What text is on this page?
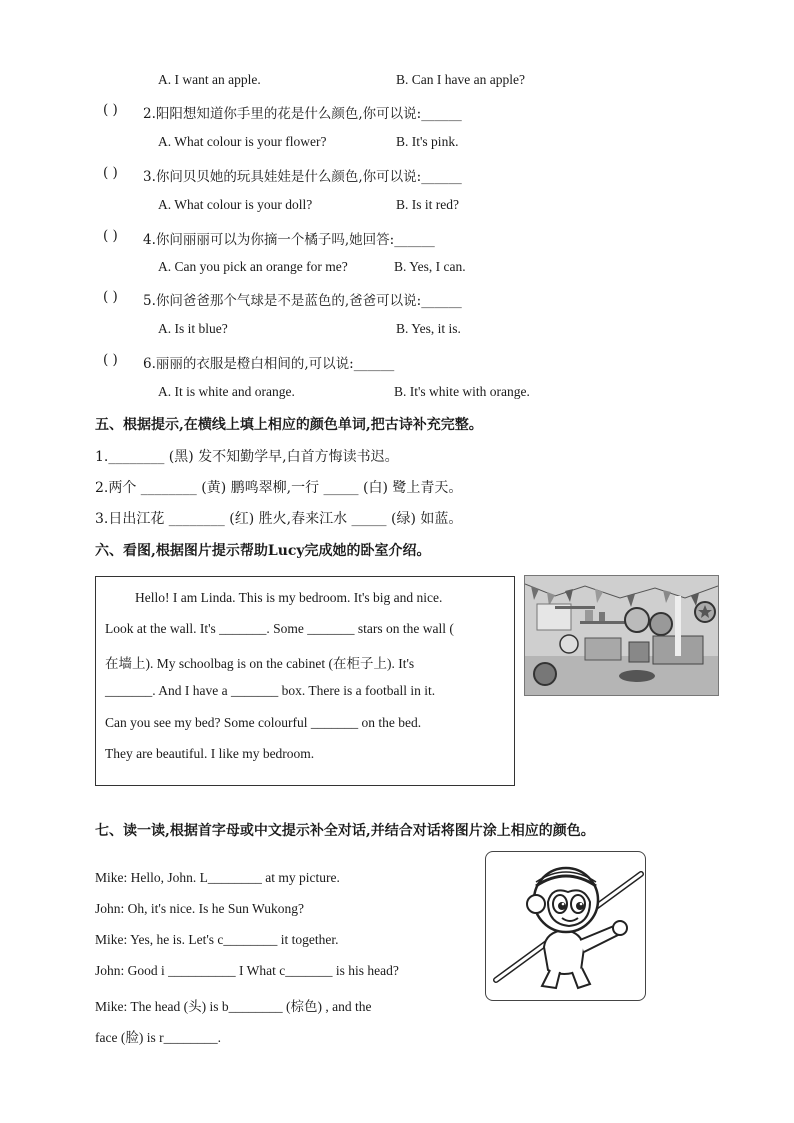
A. I want an apple.	B. Can I have an apple?
( ) 2.阳阳想知道你手里的花是什么颜色,你可以说:______
A. What colour is your flower?	B. It's pink.
( ) 3.你问贝贝她的玩具娃娃是什么颜色,你可以说:______
A. What colour is your doll?	B. Is it red?
( ) 4.你问丽丽可以为你摘一个橘子吗,她回答:______
A. Can you pick an orange for me?	B. Yes, I can.
( ) 5.你问爸爸那个气球是不是蓝色的,爸爸可以说:______
A. Is it blue?	B. Yes, it is.
( ) 6.丽丽的衣服是橙白相间的,可以说:______
A. It is white and orange.	B. It's white with orange.
五、根据提示,在横线上填上相应的颜色单词,把古诗补充完整。
1.________ (黑) 发不知勤学早,白首方悔读书迟。
2.两个 ________ (黄) 鹏鸣翠柳,一行 _____ (白) 鹭上青天。
3.日出江花 ________ (红) 胜火,春来江水 _____ (绿) 如蓝。
六、看图,根据图片提示帮助Lucy完成她的卧室介绍。
Hello! I am Linda. This is my bedroom. It's big and nice.
Look at the wall. It's _______. Some _______ stars on the wall (
在墙上). My schoolbag is on the cabinet (在柜子上). It's
_______. And I have a _______ box. There is a football in it.
Can you see my bed? Some colourful _______ on the bed.
They are beautiful. I like my bedroom.
七、读一读,根据首字母或中文提示补全对话,并结合对话将图片涂上相应的颜色。
Mike: Hello, John. L________ at my picture.
John: Oh, it's nice. Is he Sun Wukong?
Mike: Yes, he is. Let's c________ it together.
John: Good i __________ I What c_______ is his head?
Mike: The head (头) is b________ (棕色) , and the
face (脸) is r________.
